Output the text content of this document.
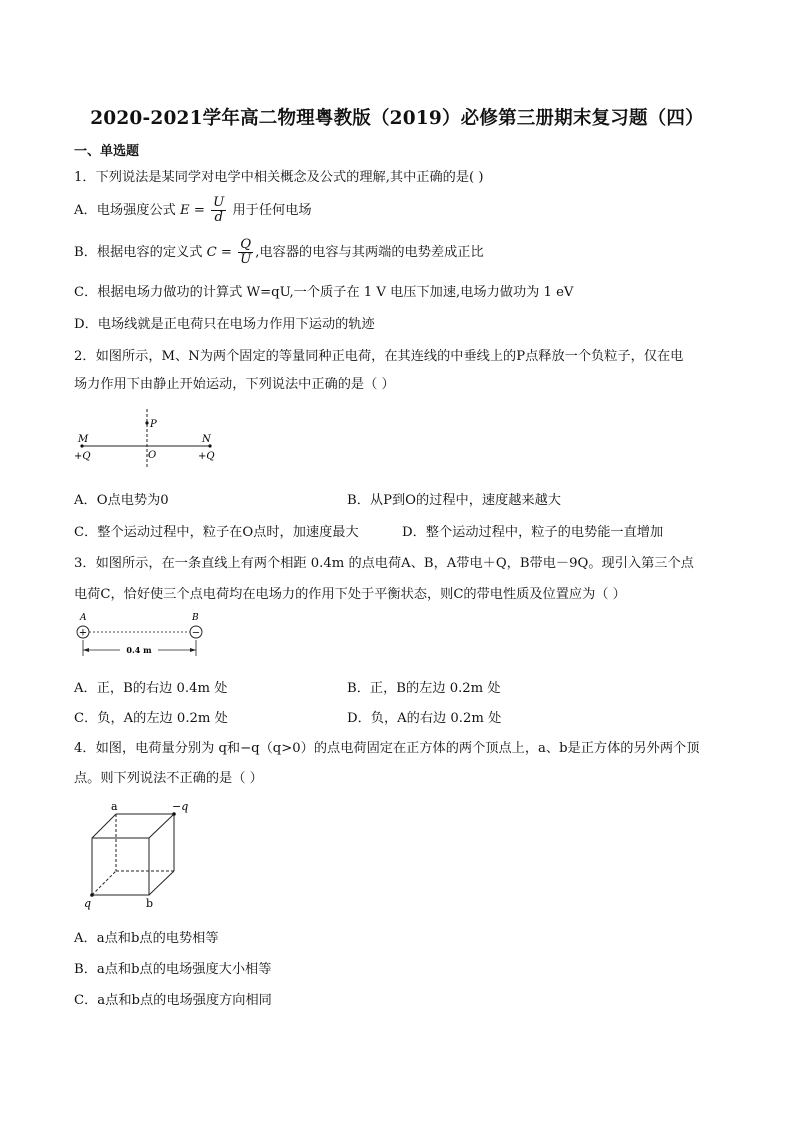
2020-2021学年高二物理粤教版（2019）必修第三册期末复习题（四）
一、单选题
1．下列说法是某同学对电学中相关概念及公式的理解,其中正确的是( )
A．电场强度公式 $E = \frac{U}{d}$ 用于任何电场
B．根据电容的定义式 $C = \frac{Q}{U}$ ,电容器的电容与其两端的电势差成正比
C．根据电场力做功的计算式 W=qU,一个质子在 1 V 电压下加速,电场力做功为 1 eV
D．电场线就是正电荷只在电场力作用下运动的轨迹
2．如图所示，M、N为两个固定的等量同种正电荷，在其连线的中垂线上的P点释放一个负粒子，仅在电
场力作用下由静止开始运动，下列说法中正确的是（ ）
M	N
P
O
+Q	+Q
A．O点电势为0	B．从P到O的过程中，速度越来越大
C．整个运动过程中，粒子在O点时，加速度最大	D．整个运动过程中，粒子的电势能一直增加
3．如图所示，在一条直线上有两个相距 0.4m 的点电荷A、B，A带电＋Q，B带电－9Q。现引入第三个点
电荷C，恰好使三个点电荷均在电场力的作用下处于平衡状态，则C的带电性质及位置应为（ ）
A	B
+	−
0.4 m
A．正，B的右边 0.4m 处	B．正，B的左边 0.2m 处
C．负，A的左边 0.2m 处	D．负，A的右边 0.2m 处
4．如图，电荷量分别为 q和−q（q>0）的点电荷固定在正方体的两个顶点上，a、b是正方体的另外两个顶
点。则下列说法不正确的是（ ）
a	−q
q	b
A．a点和b点的电势相等
B．a点和b点的电场强度大小相等
C．a点和b点的电场强度方向相同
